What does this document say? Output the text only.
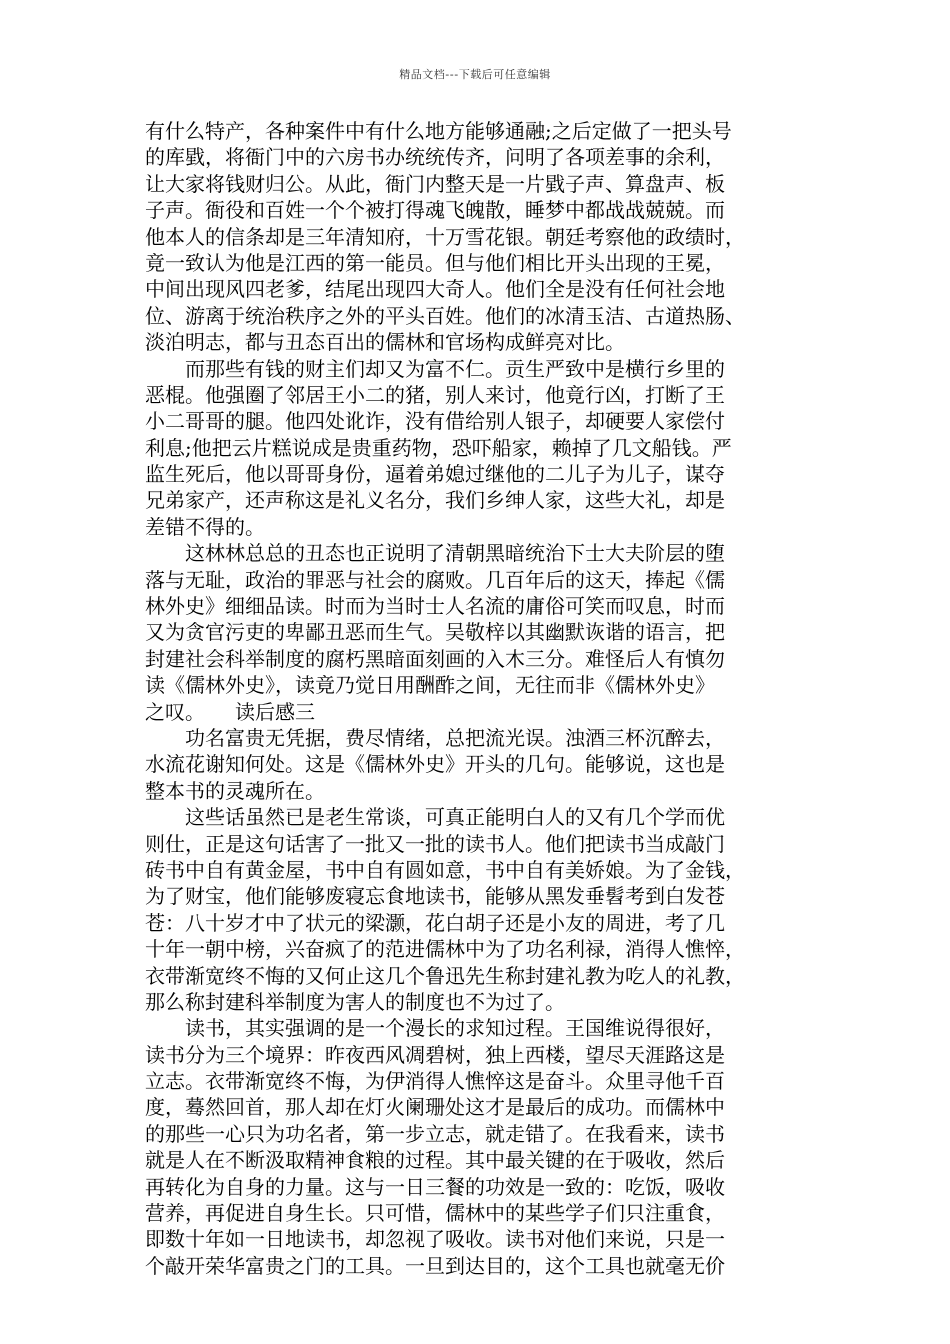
精品文档---下载后可任意编辑
有什么特产，各种案件中有什么地方能够通融;之后定做了一把头号
的库戥，将衙门中的六房书办统统传齐，问明了各项差事的余利，
让大家将钱财归公。从此，衙门内整天是一片戥子声、算盘声、板
子声。衙役和百姓一个个被打得魂飞魄散，睡梦中都战战兢兢。而
他本人的信条却是三年清知府，十万雪花银。朝廷考察他的政绩时，
竟一致认为他是江西的第一能员。但与他们相比开头出现的王冕，
中间出现风四老爹，结尾出现四大奇人。他们全是没有任何社会地
位、游离于统治秩序之外的平头百姓。他们的冰清玉洁、古道热肠、
淡泊明志，都与丑态百出的儒林和官场构成鲜亮对比。
　　而那些有钱的财主们却又为富不仁。贡生严致中是横行乡里的
恶棍。他强圈了邻居王小二的猪，别人来讨，他竟行凶，打断了王
小二哥哥的腿。他四处讹诈，没有借给别人银子，却硬要人家偿付
利息;他把云片糕说成是贵重药物，恐吓船家，赖掉了几文船钱。严
监生死后，他以哥哥身份，逼着弟媳过继他的二儿子为儿子，谋夺
兄弟家产，还声称这是礼义名分，我们乡绅人家，这些大礼，却是
差错不得的。
　　这林林总总的丑态也正说明了清朝黑暗统治下士大夫阶层的堕
落与无耻，政治的罪恶与社会的腐败。几百年后的这天，捧起《儒
林外史》细细品读。时而为当时士人名流的庸俗可笑而叹息，时而
又为贪官污吏的卑鄙丑恶而生气。吴敬梓以其幽默诙谐的语言，把
封建社会科举制度的腐朽黑暗面刻画的入木三分。难怪后人有慎勿
读《儒林外史》，读竟乃觉日用酬酢之间，无往而非《儒林外史》
之叹。　　读后感三
　　功名富贵无凭据，费尽情绪，总把流光误。浊酒三杯沉醉去，
水流花谢知何处。这是《儒林外史》开头的几句。能够说，这也是
整本书的灵魂所在。
　　这些话虽然已是老生常谈，可真正能明白人的又有几个学而优
则仕，正是这句话害了一批又一批的读书人。他们把读书当成敲门
砖书中自有黄金屋，书中自有圆如意，书中自有美娇娘。为了金钱，
为了财宝，他们能够废寝忘食地读书，能够从黑发垂髫考到白发苍
苍：八十岁才中了状元的梁灏，花白胡子还是小友的周进，考了几
十年一朝中榜，兴奋疯了的范进儒林中为了功名利禄，消得人憔悴，
衣带渐宽终不悔的又何止这几个鲁迅先生称封建礼教为吃人的礼教，
那么称封建科举制度为害人的制度也不为过了。
　　读书，其实强调的是一个漫长的求知过程。王国维说得很好，
读书分为三个境界：昨夜西风凋碧树，独上西楼，望尽天涯路这是
立志。衣带渐宽终不悔，为伊消得人憔悴这是奋斗。众里寻他千百
度，蓦然回首，那人却在灯火阑珊处这才是最后的成功。而儒林中
的那些一心只为功名者，第一步立志，就走错了。在我看来，读书
就是人在不断汲取精神食粮的过程。其中最关键的在于吸收，然后
再转化为自身的力量。这与一日三餐的功效是一致的：吃饭，吸收
营养，再促进自身生长。只可惜，儒林中的某些学子们只注重食，
即数十年如一日地读书，却忽视了吸收。读书对他们来说，只是一
个敲开荣华富贵之门的工具。一旦到达目的，这个工具也就毫无价
